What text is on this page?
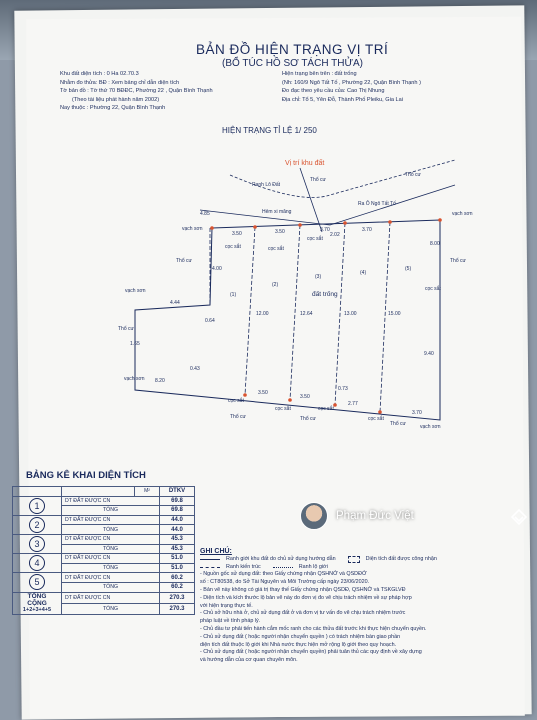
BẢN ĐỒ HIỆN TRẠNG VỊ TRÍ
(BỔ TÚC HỒ SƠ TÁCH THỬA)
Khu đất diện tích : 0 Ha 02.70.3
Nhằm đo thửa: BĐ : Xem bảng chỉ dẫn diện tích
Tờ bản đồ : Tờ thứ 70 BĐĐC, Phường 22 , Quận Bình Thạnh
(Theo tài liệu phát hành năm 2002)
Nay thuộc : Phường 22, Quận Bình Thạnh
Hiện trạng bên trên : đất trống
(Nh: 160/9 Ngô Tất Tố , Phường 22, Quận Bình Thạnh )
Đo đạc theo yêu cầu của: Cao Thị Nhung
Địa chỉ: Tổ 5, Yên Đỗ, Thành Phố Pleiku, Gia Lai
HIỆN TRẠNG TỈ LỆ 1/ 250
Vị trí khu đất
Ra Ô Ngô Tất Tố
Hẻm xi măng
Ranh Lô Đất
Thổ cư
Thổ cư
Thổ cư	Thổ cư
Thổ cư
Thổ cư	Thổ cư
Thổ cư
vạch sơn
vạch sơn
vạch sơn
vạch sơn
vạch sơn
cọc sắt	cọc sắt
cọc sắt
cọc sắt
cọc sắt
cọc sắt	cọc sắt
cọc sắt
(1)
(2)
(3)
(4)
(5)
đất trống
3.50	3.50	3.70	3.70
3.50
3.50
2.77
3.70
4.44
1.65
8.20
0.43
0.64
4.85
8.00
9.40
0.73
2.02
12.00	12.64	13.00	15.00
4.00
BẢNG KÊ KHAI DIỆN TÍCH
		M²	DTKV
1	DT ĐẤT ĐƯỢC CN		69.8
	TỔNG		69.8
2	DT ĐẤT ĐƯỢC CN		44.0
	TỔNG		44.0
3	DT ĐẤT ĐƯỢC CN		45.3
	TỔNG		45.3
4	DT ĐẤT ĐƯỢC CN		51.0
	TỔNG		51.0
5	DT ĐẤT ĐƯỢC CN		60.2
	TỔNG		60.2

TỔNG
CỘNG
1+2+3+4+5	DT ĐẤT ĐƯỢC CN		270.3
	TỔNG		270.3
GHI CHÚ:
Ranh giới khu đất do chủ sử dụng hướng dẫn	Diện tích đất được công nhận
Ranh kiến trúc	Ranh lộ giới
- Nguồn gốc sử dụng đất: theo Giấy chứng nhận QSHNỞ và QSDĐỞ
số : CT80538, do Sở Tài Nguyên và Môi Trường cấp ngày 23/06/2020.
- Bản vẽ này không có giá trị thay thế Giấy chứng nhận QSDĐ, QSHNỞ và TSKGLVĐ
- Diện tích và kích thước lộ bản vẽ này do đơn vị đo vẽ chịu trách nhiệm về sự pháp hợp
với hiện trạng thực tế.
- Chủ sở hữu nhà ở, chủ sử dụng đất ở và đơn vị tư vấn đo vẽ chịu trách nhiệm trước
pháp luật về tính pháp lý.
- Chủ đầu tư phải tiến hành cắm mốc ranh cho các thửa đất trước khi thực hiện chuyển quyền.
- Chủ sử dụng đất ( hoặc người nhận chuyển quyền ) có trách nhiệm bàn giao phần
diện tích đất thuộc lộ giới khi Nhà nước thực hiện mở rộng lộ giới theo quy hoạch.
- Chủ sử dụng đất ( hoặc người nhận chuyển quyền) phải tuân thủ các quy định về xây dựng
và hướng dẫn của cơ quan chuyên môn.
Phạm Đức Việt
